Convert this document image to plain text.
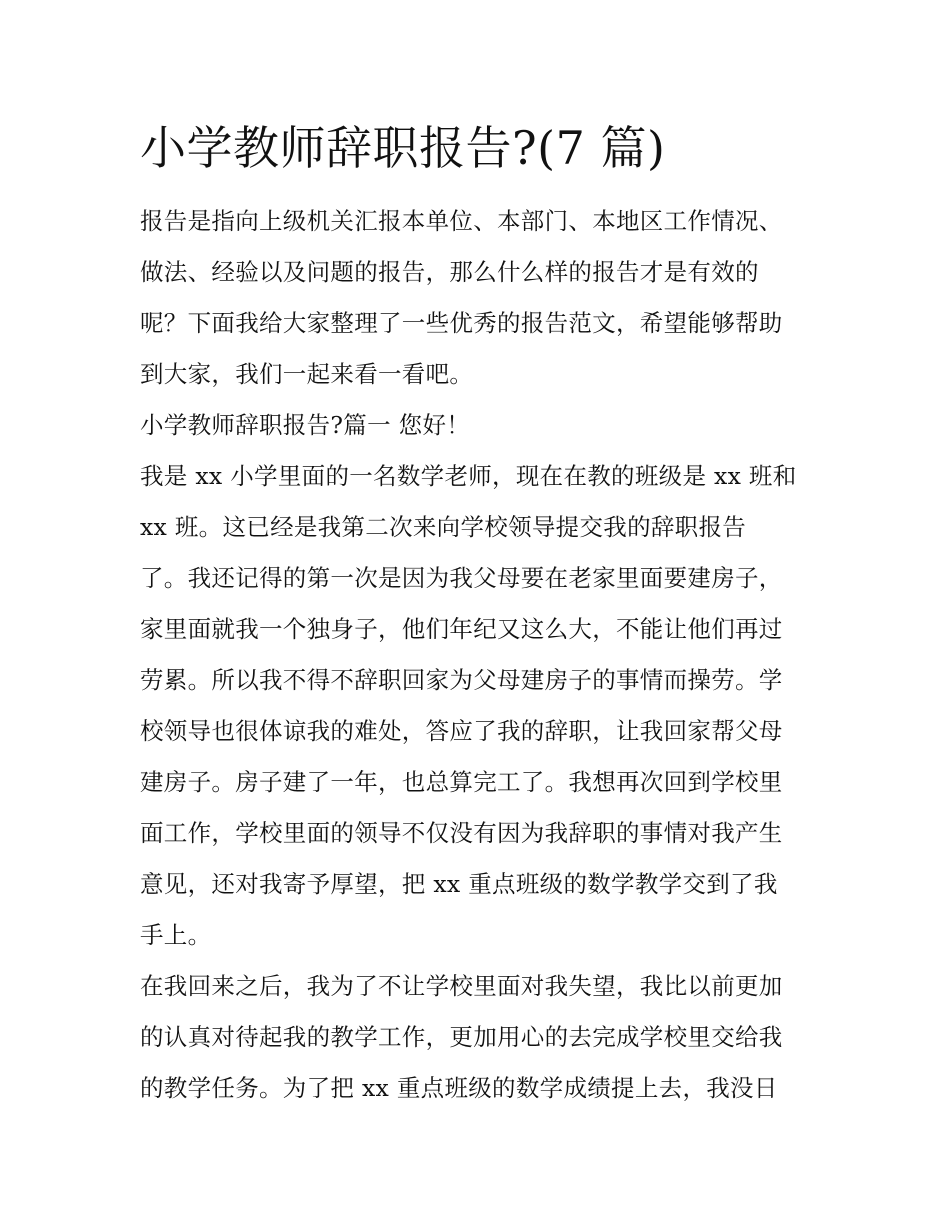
小学教师辞职报告?(7 篇)
报告是指向上级机关汇报本单位、本部门、本地区工作情况、
做法、经验以及问题的报告，那么什么样的报告才是有效的
呢？下面我给大家整理了一些优秀的报告范文，希望能够帮助
到大家，我们一起来看一看吧。
小学教师辞职报告?篇一 您好！
我是 xx 小学里面的一名数学老师，现在在教的班级是 xx 班和
xx 班。这已经是我第二次来向学校领导提交我的辞职报告
了。我还记得的第一次是因为我父母要在老家里面要建房子，
家里面就我一个独身子，他们年纪又这么大，不能让他们再过
劳累。所以我不得不辞职回家为父母建房子的事情而操劳。学
校领导也很体谅我的难处，答应了我的辞职，让我回家帮父母
建房子。房子建了一年，也总算完工了。我想再次回到学校里
面工作，学校里面的领导不仅没有因为我辞职的事情对我产生
意见，还对我寄予厚望，把 xx 重点班级的数学教学交到了我
手上。
在我回来之后，我为了不让学校里面对我失望，我比以前更加
的认真对待起我的教学工作，更加用心的去完成学校里交给我
的教学任务。为了把 xx 重点班级的数学成绩提上去，我没日
